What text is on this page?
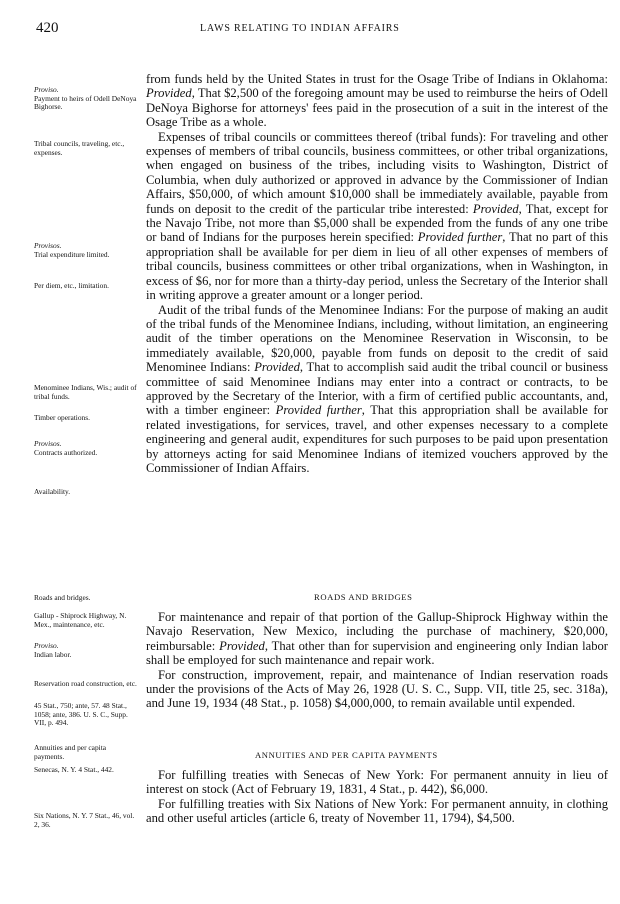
420	LAWS RELATING TO INDIAN AFFAIRS
Proviso.
Payment to heirs of Odell DeNoya Bighorse.
Tribal councils, traveling, etc., expenses.
Provisos.
Trial expenditure limited.
Per diem, etc., limitation.
Menominee Indians, Wis.; audit of tribal funds.
Timber operations.
Provisos.
Contracts authorized.
Availability.
Roads and bridges.
Gallup - Shiprock Highway, N. Mex., maintenance, etc.
Proviso.
Indian labor.
Reservation road construction, etc.
45 Stat., 750; ante, 57. 48 Stat., 1058; ante, 386. U. S. C., Supp. VII, p. 494.
Annuities and per capita payments.
Senecas, N. Y. 4 Stat., 442.
Six Nations, N. Y. 7 Stat., 46, vol. 2, 36.

from funds held by the United States in trust for the Osage Tribe of Indians in Oklahoma: Provided, That $2,500 of the foregoing amount may be used to reimburse the heirs of Odell DeNoya Bighorse for attorneys' fees paid in the prosecution of a suit in the interest of the Osage Tribe as a whole.

Expenses of tribal councils or committees thereof (tribal funds): For traveling and other expenses of members of tribal councils, business committees, or other tribal organizations, when engaged on business of the tribes, including visits to Washington, District of Columbia, when duly authorized or approved in advance by the Commissioner of Indian Affairs, $50,000, of which amount $10,000 shall be immediately available, payable from funds on deposit to the credit of the particular tribe interested: Provided, That, except for the Navajo Tribe, not more than $5,000 shall be expended from the funds of any one tribe or band of Indians for the purposes herein specified: Provided further, That no part of this appropriation shall be available for per diem in lieu of all other expenses of members of tribal councils, business committees or other tribal organizations, when in Washington, in excess of $6, nor for more than a thirty-day period, unless the Secretary of the Interior shall in writing approve a greater amount or a longer period.

Audit of the tribal funds of the Menominee Indians: For the purpose of making an audit of the tribal funds of the Menominee Indians, including, without limitation, an engineering audit of the timber operations on the Menominee Reservation in Wisconsin, to be immediately available, $20,000, payable from funds on deposit to the credit of said Menominee Indians: Provided, That to accomplish said audit the tribal council or business committee of said Menominee Indians may enter into a contract or contracts, to be approved by the Secretary of the Interior, with a firm of certified public accountants, and, with a timber engineer: Provided further, That this appropriation shall be available for related investigations, for services, travel, and other expenses necessary to a complete engineering and general audit, expenditures for such purposes to be paid upon presentation by attorneys acting for said Menominee Indians of itemized vouchers approved by the Commissioner of Indian Affairs.

ROADS AND BRIDGES

For maintenance and repair of that portion of the Gallup-Shiprock Highway within the Navajo Reservation, New Mexico, including the purchase of machinery, $20,000, reimbursable: Provided, That other than for supervision and engineering only Indian labor shall be employed for such maintenance and repair work.

For construction, improvement, repair, and maintenance of Indian reservation roads under the provisions of the Acts of May 26, 1928 (U. S. C., Supp. VII, title 25, sec. 318a), and June 19, 1934 (48 Stat., p. 1058) $4,000,000, to remain available until expended.

ANNUITIES AND PER CAPITA PAYMENTS

For fulfilling treaties with Senecas of New York: For permanent annuity in lieu of interest on stock (Act of February 19, 1831, 4 Stat., p. 442), $6,000.

For fulfilling treaties with Six Nations of New York: For permanent annuity, in clothing and other useful articles (article 6, treaty of November 11, 1794), $4,500.
